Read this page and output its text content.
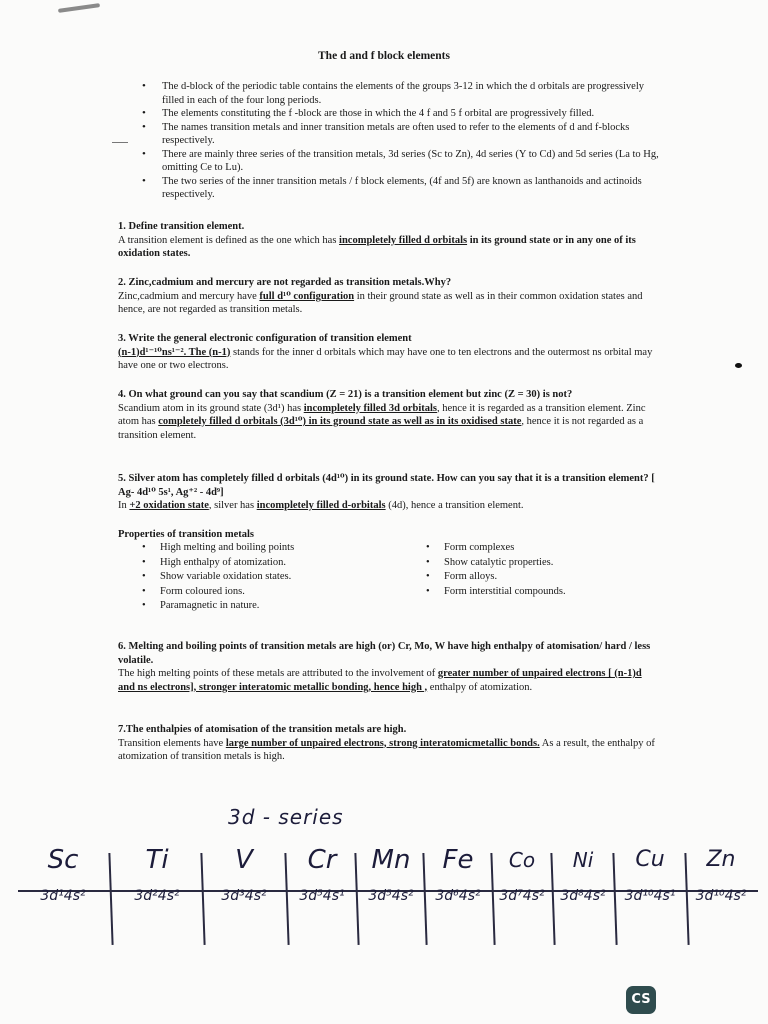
The d and f block elements
• The d-block of the periodic table contains the elements of the groups 3-12 in which the d orbitals are progressively filled in each of the four long periods.
• The elements constituting the f -block are those in which the 4 f and 5 f orbital are progressively filled.
• The names transition metals and inner transition metals are often used to refer to the elements of d and f-blocks respectively.
• There are mainly three series of the transition metals, 3d series (Sc to Zn), 4d series (Y to Cd) and 5d series (La to Hg, omitting Ce to Lu).
• The two series of the inner transition metals / f block elements, (4f and 5f) are known as lanthanoids and actinoids respectively.

1. Define transition element.

A transition element is defined as the one which has incompletely filled d orbitals in its ground state or in any one of its oxidation states.

2. Zinc,cadmium and mercury are not regarded as transition metals.Why?

Zinc,cadmium and mercury have full d¹⁰ configuration in their ground state as well as in their common oxidation states and hence, are not regarded as transition metals.

3. Write the general electronic configuration of transition element

(n-1)d¹⁻¹⁰ns¹⁻². The (n-1) stands for the inner d orbitals which may have one to ten electrons and the outermost ns orbital may have one or two electrons.

4. On what ground can you say that scandium (Z = 21) is a transition element but zinc (Z = 30) is not?

Scandium atom in its ground state (3d¹) has incompletely filled 3d orbitals, hence it is regarded as a transition element. Zinc atom has completely filled d orbitals (3d¹⁰) in its ground state as well as in its oxidised state, hence it is not regarded as a transition element.

5. Silver atom has completely filled d orbitals (4d¹⁰) in its ground state. How can you say that it is a transition element? [ Ag- 4d¹⁰ 5s¹, Ag⁺² - 4d⁹]

In +2 oxidation state, silver has incompletely filled d-orbitals (4d), hence a transition element.

Properties of transition metals

• High melting and boiling points
• High enthalpy of atomization.
• Show variable oxidation states.
• Form coloured ions.
• Paramagnetic in nature.
• Form complexes
• Show catalytic properties.
• Form alloys.
• Form interstitial compounds.

6. Melting and boiling points of transition metals are high (or) Cr, Mo, W have high enthalpy of atomisation/ hard / less volatile.

The high melting points of these metals are attributed to the involvement of greater number of unpaired electrons [ (n-1)d and ns electrons], stronger interatomic metallic bonding, hence high , enthalpy of atomization.

7.The enthalpies of atomisation of the transition metals are high.

Transition elements have large number of unpaired electrons, strong interatomicmetallic bonds. As a result, the enthalpy of atomization of transition metals is high.

3d - series
Sc
3d¹4s²
Ti
3d²4s²
V
3d³4s²
Cr
3d⁵4s¹
Mn
3d⁵4s²
Fe
3d⁶4s²
Co
3d⁷4s²
Ni
3d⁸4s²
Cu
3d¹⁰4s¹
Zn
3d¹⁰4s²
CS
